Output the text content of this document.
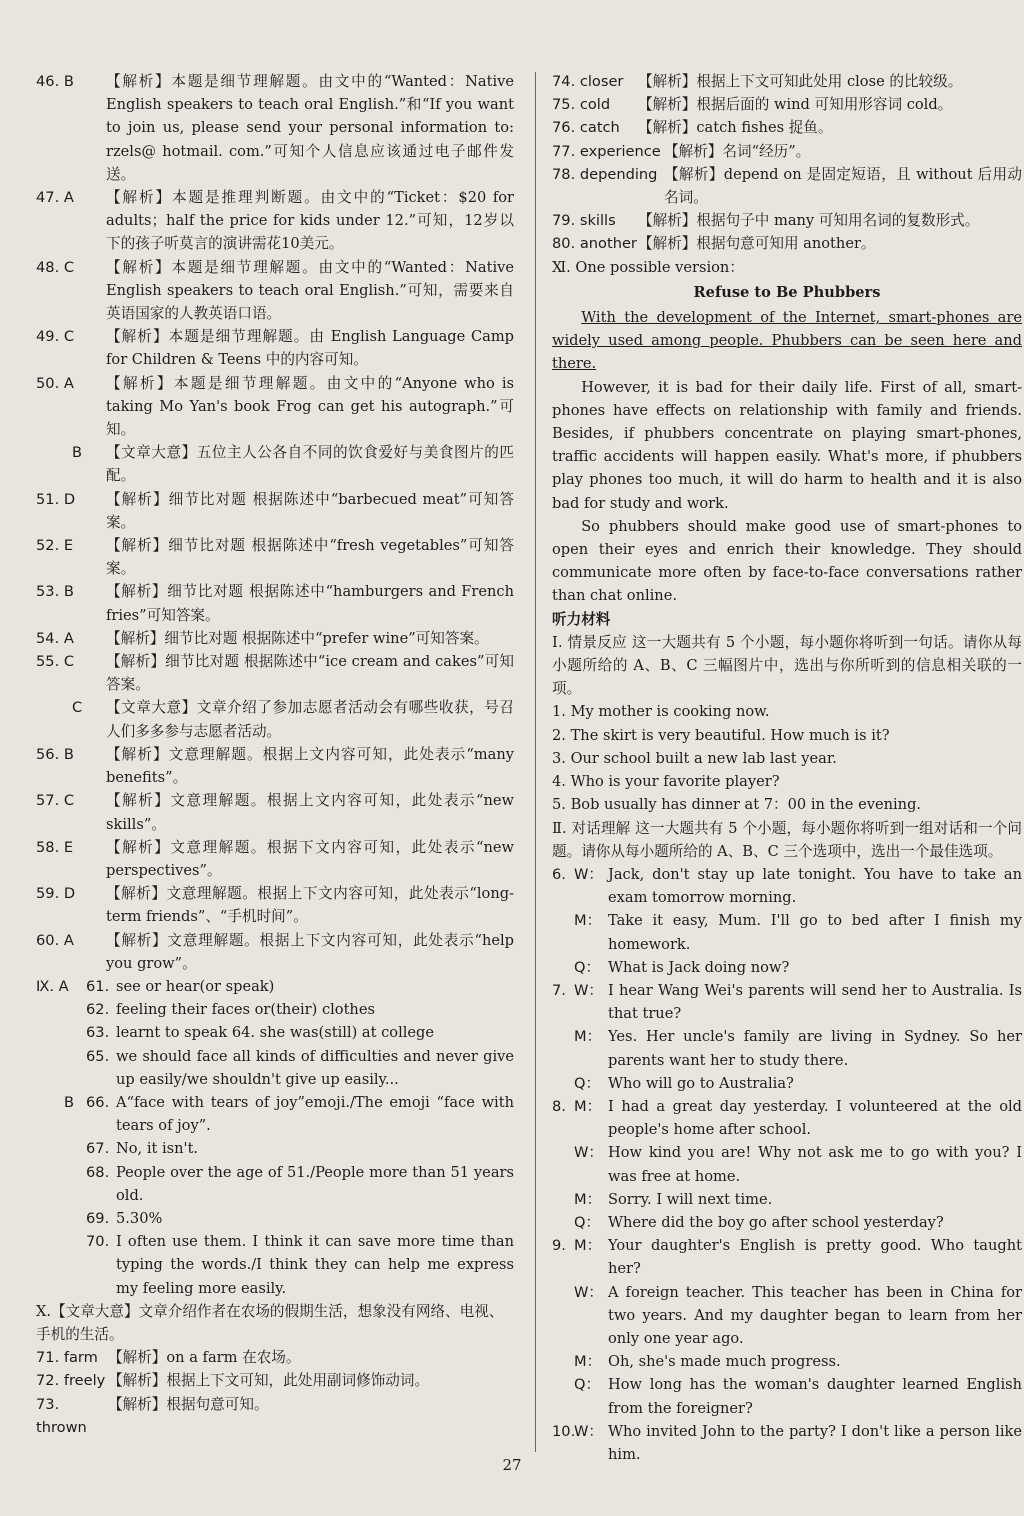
46. B	【解析】本题是细节理解题。由文中的“Wanted：Native English speakers to teach oral English.”和“If you want to join us, please send your personal information to: rzels@ hotmail. com.”可知个人信息应该通过电子邮件发送。
47. A	【解析】本题是推理判断题。由文中的“Ticket：$20 for adults；half the price for kids under 12.”可知，12岁以下的孩子听莫言的演讲需花10美元。
48. C	【解析】本题是细节理解题。由文中的“Wanted：Native English speakers to teach oral English.”可知，需要来自英语国家的人教英语口语。
49. C	【解析】本题是细节理解题。由 English Language Camp for Children & Teens 中的内容可知。
50. A	【解析】本题是细节理解题。由文中的“Anyone who is taking Mo Yan's book Frog can get his autograph.”可知。
B	【文章大意】五位主人公各自不同的饮食爱好与美食图片的匹配。
51. D	【解析】细节比对题 根据陈述中“barbecued meat”可知答案。
52. E	【解析】细节比对题 根据陈述中“fresh vegetables”可知答案。
53. B	【解析】细节比对题 根据陈述中“hamburgers and French fries”可知答案。
54. A	【解析】细节比对题 根据陈述中“prefer wine”可知答案。
55. C	【解析】细节比对题 根据陈述中“ice cream and cakes”可知答案。
C	【文章大意】文章介绍了参加志愿者活动会有哪些收获，号召人们多多参与志愿者活动。
56. B	【解析】文意理解题。根据上文内容可知，此处表示“many benefits”。
57. C	【解析】文意理解题。根据上文内容可知，此处表示“new skills”。
58. E	【解析】文意理解题。根据下文内容可知，此处表示“new perspectives”。
59. D	【解析】文意理解题。根据上下文内容可知，此处表示“long-term friends”、“手机时间”。
60. A	【解析】文意理解题。根据上下文内容可知，此处表示“help you grow”。
Ⅸ. A	61. see or hear(or speak)
62. feeling their faces or(their) clothes
63. learnt to speak 64. she was(still) at college
65. we should face all kinds of difficulties and never give up easily/we shouldn't give up easily...
B 66. A“face with tears of joy”emoji./The emoji “face with tears of joy”.
67. No, it isn't.
68. People over the age of 51./People more than 51 years old.
69. 5.30%
70. I often use them. I think it can save more time than typing the words./I think they can help me express my feeling more easily.
Ⅹ.【文章大意】文章介绍作者在农场的假期生活，想象没有网络、电视、手机的生活。
71. farm 【解析】on a farm 在农场。
72. freely 【解析】根据上下文可知，此处用副词修饰动词。
73. thrown
【解析】根据句意可知。
74. closer 【解析】根据上下文可知此处用 close 的比较级。
75. cold	【解析】根据后面的 wind 可知用形容词 cold。
76. catch	【解析】catch fishes 捉鱼。
77. experience 【解析】名词“经历”。
78. depending 【解析】depend on 是固定短语，且 without 后用动名词。
79. skills	【解析】根据句子中 many 可知用名词的复数形式。
80. another 【解析】根据句意可知用 another。
Ⅺ. One possible version：
Refuse to Be Phubbers
With the development of the Internet, smart-phones are widely used among people. Phubbers can be seen here and there.
However, it is bad for their daily life. First of all, smart-phones have effects on relationship with family and friends. Besides, if phubbers concentrate on playing smart-phones, traffic accidents will happen easily. What's more, if phubbers play phones too much, it will do harm to health and it is also bad for study and work.
So phubbers should make good use of smart-phones to open their eyes and enrich their knowledge. They should communicate more often by face-to-face conversations rather than chat online.
听力材料
Ⅰ. 情景反应 这一大题共有 5 个小题，每小题你将听到一句话。请你从每小题所给的 A、B、C 三幅图片中，选出与你所听到的信息相关联的一项。
1. My mother is cooking now.
2. The skirt is very beautiful. How much is it?
3. Our school built a new lab last year.
4. Who is your favorite player?
5. Bob usually has dinner at 7：00 in the evening.
Ⅱ. 对话理解 这一大题共有 5 个小题，每小题你将听到一组对话和一个问题。请你从每小题所给的 A、B、C 三个选项中，选出一个最佳选项。
6. W： Jack, don't stay up late tonight. You have to take an exam tomorrow morning.
M： Take it easy, Mum. I'll go to bed after I finish my homework.
Q： What is Jack doing now?
7. W： I hear Wang Wei's parents will send her to Australia. Is that true?
M： Yes. Her uncle's family are living in Sydney. So her parents want her to study there.
Q： Who will go to Australia?
8. M： I had a great day yesterday. I volunteered at the old people's home after school.
W： How kind you are! Why not ask me to go with you? I was free at home.
M： Sorry. I will next time.
Q： Where did the boy go after school yesterday?
9. M： Your daughter's English is pretty good. Who taught her?
W： A foreign teacher. This teacher has been in China for two years. And my daughter began to learn from her only one year ago.
M： Oh, she's made much progress.
Q： How long has the woman's daughter learned English from the foreigner?
10.
W： Who invited John to the party? I don't like a person like him.
27
